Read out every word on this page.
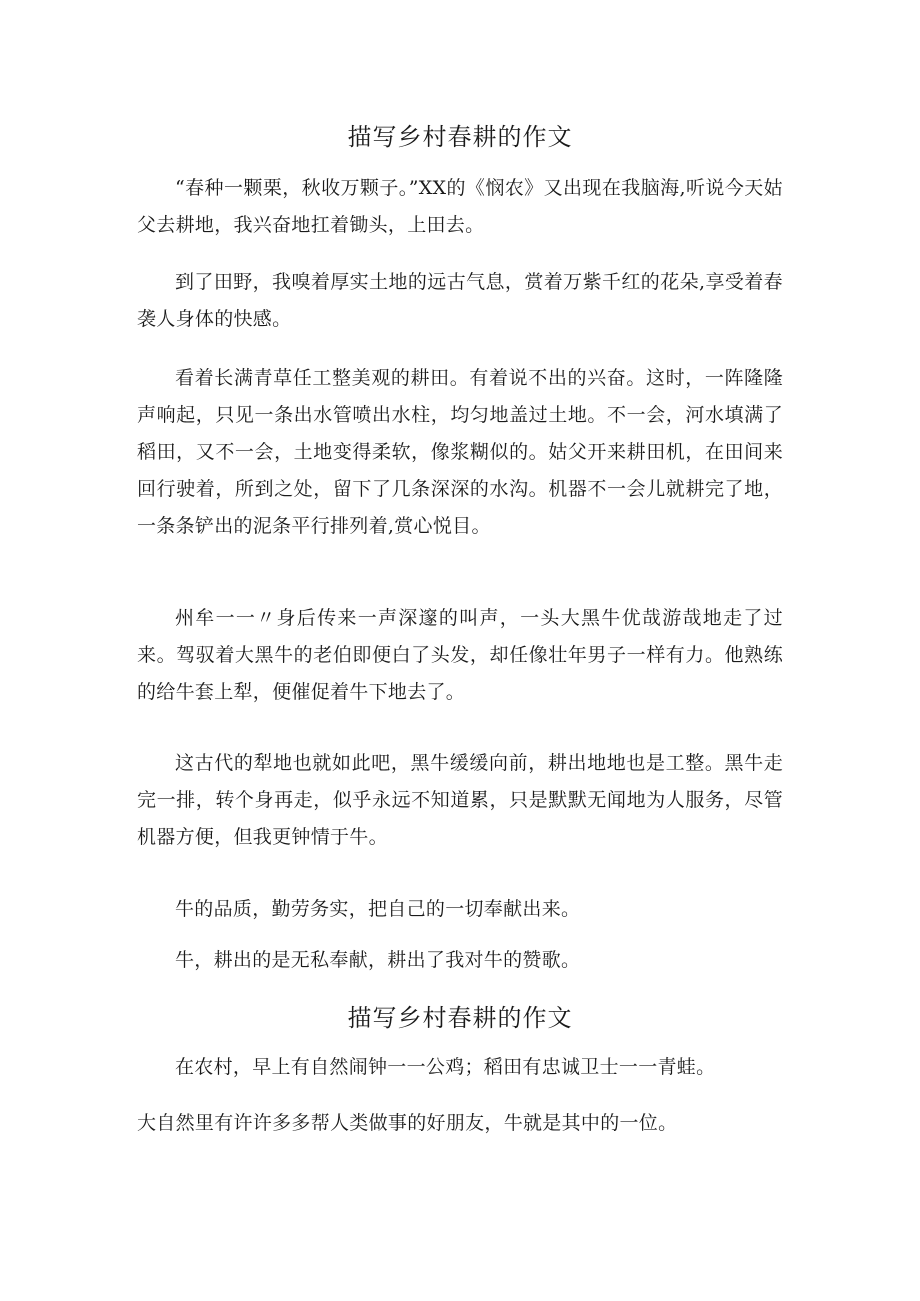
描写乡村春耕的作文

“春种一颗栗，秋收万颗子。”XX的《悯农》又出现在我脑海,听说今天姑父去耕地，我兴奋地扛着锄头，上田去。

到了田野，我嗅着厚实土地的远古气息，赏着万紫千红的花朵,享受着春袭人身体的快感。

看着长满青草任工整美观的耕田。有着说不出的兴奋。这时，一阵隆隆声响起，只见一条出水管喷出水柱，均匀地盖过土地。不一会，河水填满了稻田，又不一会，土地变得柔软，像浆糊似的。姑父开来耕田机，在田间来回行驶着，所到之处，留下了几条深深的水沟。机器不一会儿就耕完了地，一条条铲出的泥条平行排列着,赏心悦目。

州牟一一〃身后传来一声深邃的叫声，一头大黑牛优哉游哉地走了过来。驾驭着大黑牛的老伯即便白了头发，却任像壮年男子一样有力。他熟练的给牛套上犁，便催促着牛下地去了。

这古代的犁地也就如此吧，黑牛缓缓向前，耕出地地也是工整。黑牛走完一排，转个身再走，似乎永远不知道累，只是默默无闻地为人服务，尽管机器方便，但我更钟情于牛。

牛的品质，勤劳务实，把自己的一切奉献出来。

牛，耕出的是无私奉献，耕出了我对牛的赞歌。

描写乡村春耕的作文

在农村，早上有自然闹钟一一公鸡；稻田有忠诚卫士一一青蛙。

大自然里有许许多多帮人类做事的好朋友，牛就是其中的一位。
